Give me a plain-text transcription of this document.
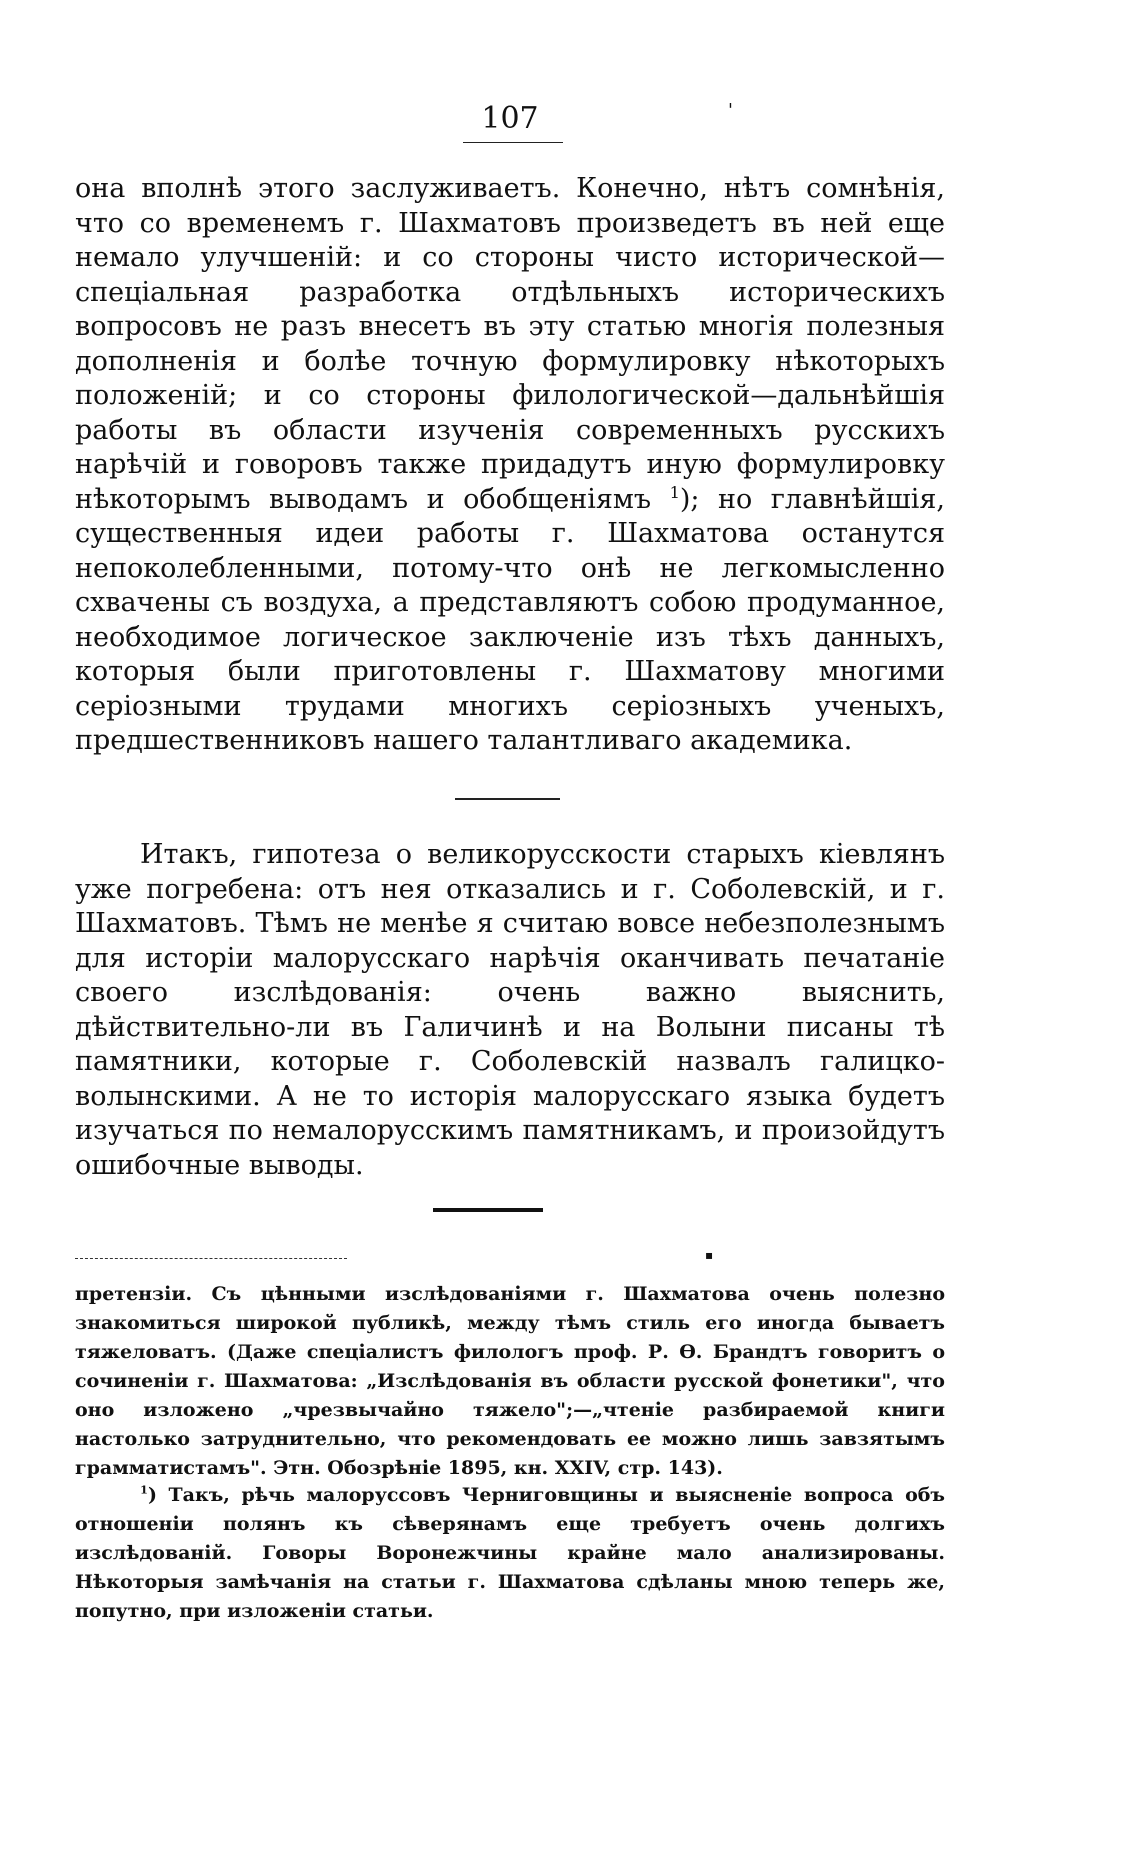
107	'

она вполнѣ этого заслуживаетъ. Конечно, нѣтъ сомнѣнія, что со временемъ г. Шахматовъ произведетъ въ ней еще немало улучшеній: и со стороны чисто исторической—спеціальная разработка отдѣльныхъ историческихъ вопросовъ не разъ внесетъ въ эту статью многія полезныя дополненія и болѣе точную формулировку нѣкоторыхъ положеній; и со стороны филологической—дальнѣйшія работы въ области изученія современныхъ русскихъ нарѣчій и говоровъ также придадутъ иную формулировку нѣкоторымъ выводамъ и обобщеніямъ $^1$); но главнѣйшія, существенныя идеи работы г. Шахматова останутся непоколебленными, потому-что онѣ не легкомысленно схвачены съ воздуха, а представляютъ собою продуманное, необходимое логическое заключеніе изъ тѣхъ данныхъ, которыя были приготовлены г. Шахматову многими серіозными трудами многихъ серіозныхъ ученыхъ, предшественниковъ нашего талантливаго академика.

Итакъ, гипотеза о великорусскости старыхъ кіевлянъ уже погребена: отъ нея отказались и г. Соболевскій, и г. Шахматовъ. Тѣмъ не менѣе я считаю вовсе небезполезнымъ для исторіи малорусскаго нарѣчія оканчивать печатаніе своего изслѣдованія: очень важно выяснить, дѣйствительно-ли въ Галичинѣ и на Волыни писаны тѣ памятники, которые г. Соболевскій назвалъ галицко-волынскими. А не то исторія малорусскаго языка будетъ изучаться по немалорусскимъ памятникамъ, и произойдутъ ошибочные выводы.

▪

претензіи. Съ цѣнными изслѣдованіями г. Шахматова очень полезно знакомиться широкой публикѣ, между тѣмъ стиль его иногда бываетъ тяжеловатъ. (Даже спеціалистъ филологъ проф. Р. Ѳ. Брандтъ говоритъ о сочиненіи г. Шахматова: „Изслѣдованія въ области русской фонетики", что оно изложено „чрезвычайно тяжело";—„чтеніе разбираемой книги настолько затруднительно, что рекомендовать ее можно лишь завзятымъ грамматистамъ". Этн. Обозрѣніе 1895, кн. XXIV, стр. 143).

$^1$) Такъ, рѣчь малоруссовъ Черниговщины и выясненіе вопроса объ отношеніи полянъ къ сѣверянамъ еще требуетъ очень долгихъ изслѣдованій. Говоры Воронежчины крайне мало анализированы. Нѣкоторыя замѣчанія на статьи г. Шахматова сдѣланы мною теперь же, попутно, при изложеніи статьи.
